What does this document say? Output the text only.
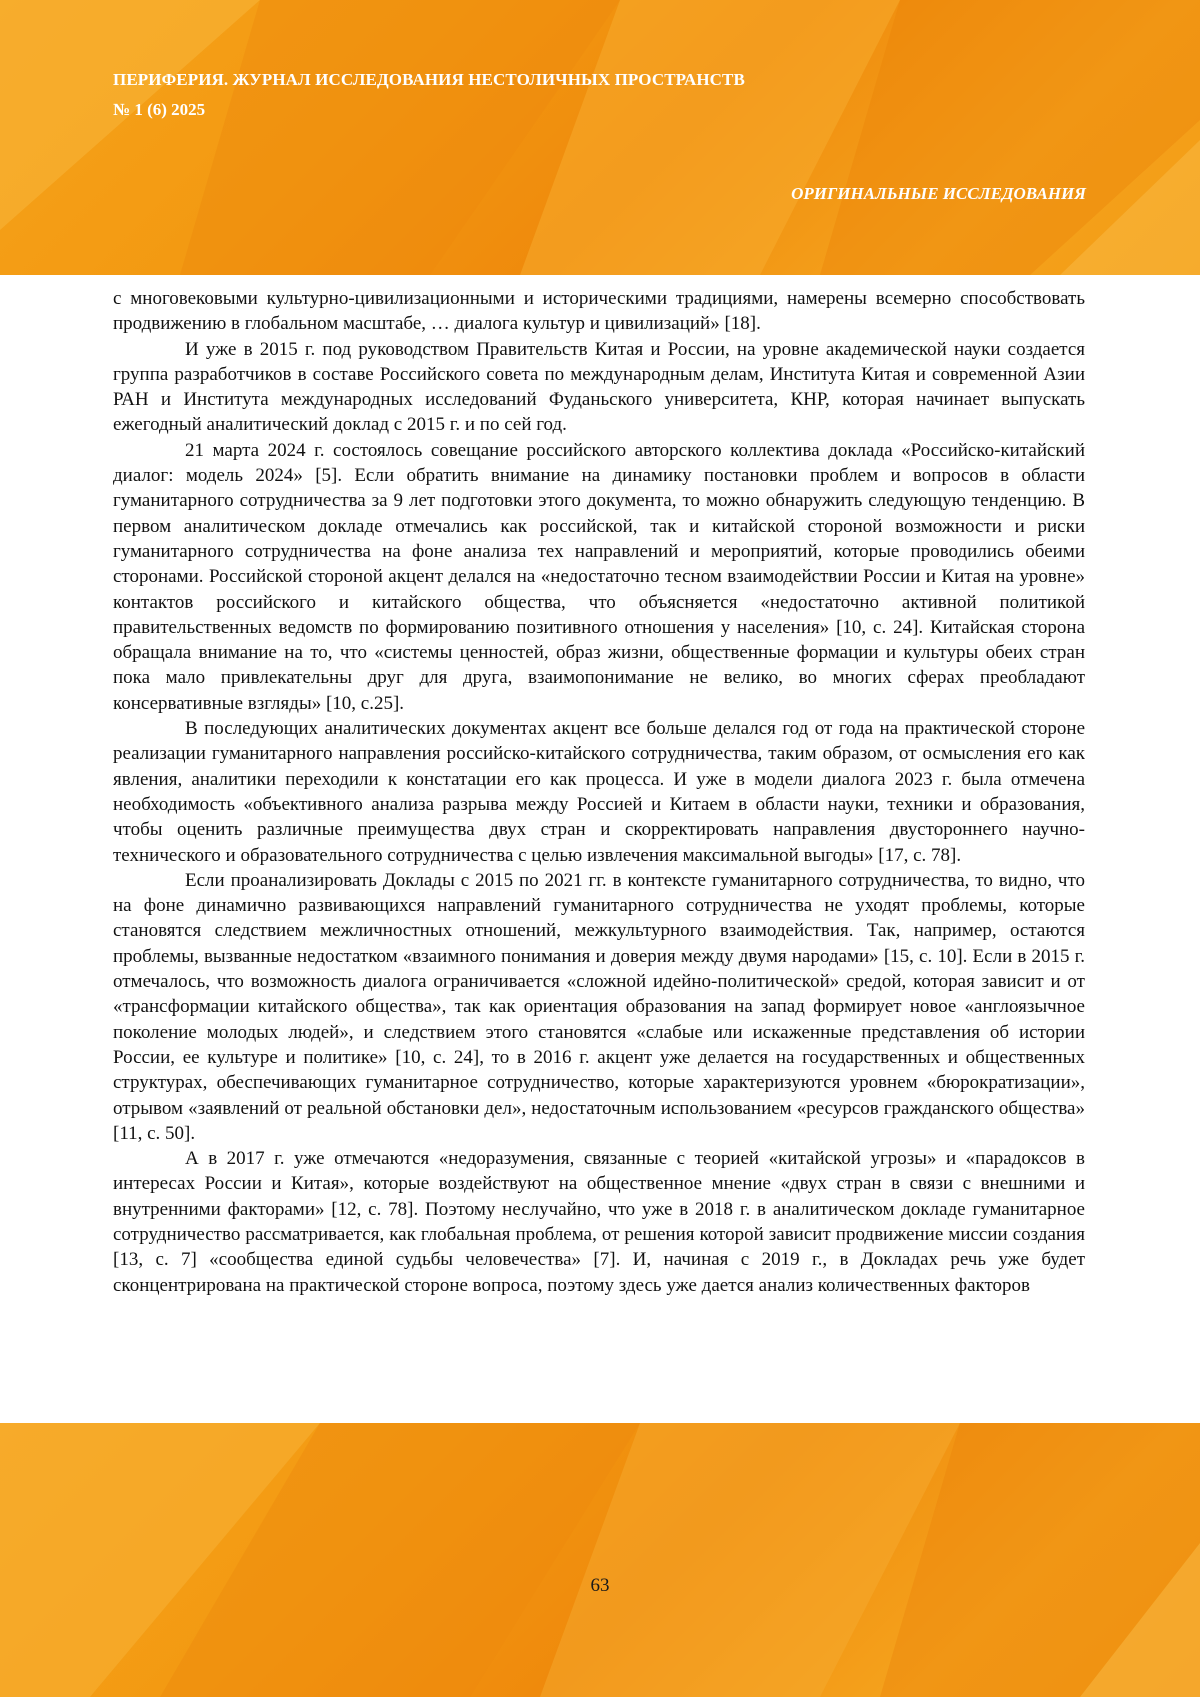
ПЕРИФЕРИЯ. ЖУРНАЛ ИССЛЕДОВАНИЯ НЕСТОЛИЧНЫХ ПРОСТРАНСТВ

№ 1 (6) 2025

ОРИГИНАЛЬНЫЕ ИССЛЕДОВАНИЯ

с многовековыми культурно-цивилизационными и историческими традициями, намерены всемерно способствовать продвижению в глобальном масштабе, … диалога культур и цивилизаций» [18].

И уже в 2015 г. под руководством Правительств Китая и России, на уровне академической науки создается группа разработчиков в составе Российского совета по международным делам, Института Китая и современной Азии РАН и Института международных исследований Фуданьского университета, КНР, которая начинает выпускать ежегодный аналитический доклад с 2015 г. и по сей год.

21 марта 2024 г. состоялось совещание российского авторского коллектива доклада «Российско-китайский диалог: модель 2024» [5]. Если обратить внимание на динамику постановки проблем и вопросов в области гуманитарного сотрудничества за 9 лет подготовки этого документа, то можно обнаружить следующую тенденцию. В первом аналитическом докладе отмечались как российской, так и китайской стороной возможности и риски гуманитарного сотрудничества на фоне анализа тех направлений и мероприятий, которые проводились обеими сторонами. Российской стороной акцент делался на «недостаточно тесном взаимодействии России и Китая на уровне» контактов российского и китайского общества, что объясняется «недостаточно активной политикой правительственных ведомств по формированию позитивного отношения у населения» [10, с. 24]. Китайская сторона обращала внимание на то, что «системы ценностей, образ жизни, общественные формации и культуры обеих стран пока мало привлекательны друг для друга, взаимопонимание не велико, во многих сферах преобладают консервативные взгляды» [10, с.25].

В последующих аналитических документах акцент все больше делался год от года на практической стороне реализации гуманитарного направления российско-китайского сотрудничества, таким образом, от осмысления его как явления, аналитики переходили к констатации его как процесса. И уже в модели диалога 2023 г. была отмечена необходимость «объективного анализа разрыва между Россией и Китаем в области науки, техники и образования, чтобы оценить различные преимущества двух стран и скорректировать направления двустороннего научно-технического и образовательного сотрудничества с целью извлечения максимальной выгоды» [17, с. 78].

Если проанализировать Доклады с 2015 по 2021 гг. в контексте гуманитарного сотрудничества, то видно, что на фоне динамично развивающихся направлений гуманитарного сотрудничества не уходят проблемы, которые становятся следствием межличностных отношений, межкультурного взаимодействия. Так, например, остаются проблемы, вызванные недостатком «взаимного понимания и доверия между двумя народами» [15, с. 10]. Если в 2015 г. отмечалось, что возможность диалога ограничивается «сложной идейно-политической» средой, которая зависит и от «трансформации китайского общества», так как ориентация образования на запад формирует новое «англоязычное поколение молодых людей», и следствием этого становятся «слабые или искаженные представления об истории России, ее культуре и политике» [10, с. 24], то в 2016 г. акцент уже делается на государственных и общественных структурах, обеспечивающих гуманитарное сотрудничество, которые характеризуются уровнем «бюрократизации», отрывом «заявлений от реальной обстановки дел», недостаточным использованием «ресурсов гражданского общества» [11, с. 50].

А в 2017 г. уже отмечаются «недоразумения, связанные с теорией «китайской угрозы» и «парадоксов в интересах России и Китая», которые воздействуют на общественное мнение «двух стран в связи с внешними и внутренними факторами» [12, с. 78]. Поэтому неслучайно, что уже в 2018 г. в аналитическом докладе гуманитарное сотрудничество рассматривается, как глобальная проблема, от решения которой зависит продвижение миссии создания [13, с. 7] «сообщества единой судьбы человечества» [7]. И, начиная с 2019 г., в Докладах речь уже будет сконцентрирована на практической стороне вопроса, поэтому здесь уже дается анализ количественных факторов

63
